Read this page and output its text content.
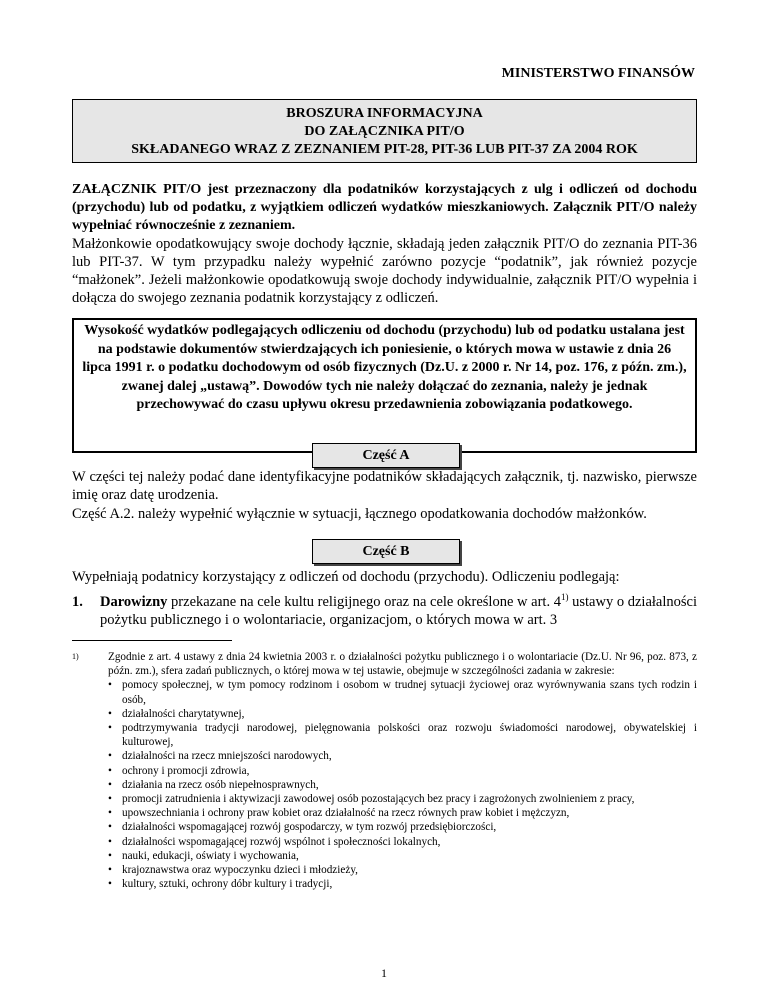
MINISTERSTWO FINANSÓW
BROSZURA INFORMACYJNA
DO ZAŁĄCZNIKA PIT/O
SKŁADANEGO WRAZ Z ZEZNANIEM PIT-28, PIT-36 LUB PIT-37 ZA 2004 ROK
ZAŁĄCZNIK PIT/O jest przeznaczony dla podatników korzystających z ulg i odliczeń od dochodu (przychodu) lub od podatku, z wyjątkiem odliczeń wydatków mieszkaniowych. Załącznik PIT/O należy wypełniać równocześnie z zeznaniem.
Małżonkowie opodatkowujący swoje dochody łącznie, składają jeden załącznik PIT/O do zeznania PIT-36 lub PIT-37. W tym przypadku należy wypełnić zarówno pozycje “podatnik”, jak również pozycje “małżonek”. Jeżeli małżonkowie opodatkowują swoje dochody indywidualnie, załącznik PIT/O wypełnia i dołącza do swojego zeznania podatnik korzystający z odliczeń.
Wysokość wydatków podlegających odliczeniu od dochodu (przychodu) lub od podatku ustalana jest na podstawie dokumentów stwierdzających ich poniesienie, o których mowa w ustawie z dnia 26 lipca 1991 r. o podatku dochodowym od osób fizycznych (Dz.U. z 2000 r. Nr 14, poz. 176, z późn. zm.), zwanej dalej „ustawą”. Dowodów tych nie należy dołączać do zeznania, należy je jednak przechowywać do czasu upływu okresu przedawnienia zobowiązania podatkowego.
Część A
W części tej należy podać dane identyfikacyjne podatników składających załącznik, tj. nazwisko, pierwsze imię oraz datę urodzenia.
Część A.2. należy wypełnić wyłącznie w sytuacji, łącznego opodatkowania dochodów małżonków.
Część B
Wypełniają podatnicy korzystający z odliczeń od dochodu (przychodu). Odliczeniu podlegają:
1. Darowizny przekazane na cele kultu religijnego oraz na cele określone w art. 4$^{1)}$ ustawy o działalności pożytku publicznego i o wolontariacie, organizacjom, o których mowa w art. 3
1)	Zgodnie z art. 4 ustawy z dnia 24 kwietnia 2003 r. o działalności pożytku publicznego i o wolontariacie (Dz.U. Nr 96, poz. 873, z późn. zm.), sfera zadań publicznych, o której mowa w tej ustawie, obejmuje w szczególności zadania w zakresie:
• pomocy społecznej, w tym pomocy rodzinom i osobom w trudnej sytuacji życiowej oraz wyrównywania szans tych rodzin i osób,
• działalności charytatywnej,
• podtrzymywania tradycji narodowej, pielęgnowania polskości oraz rozwoju świadomości narodowej, obywatelskiej i kulturowej,
• działalności na rzecz mniejszości narodowych,
• ochrony i promocji zdrowia,
• działania na rzecz osób niepełnosprawnych,
• promocji zatrudnienia i aktywizacji zawodowej osób pozostających bez pracy i zagrożonych zwolnieniem z pracy,
• upowszechniania i ochrony praw kobiet oraz działalność na rzecz równych praw kobiet i mężczyzn,
• działalności wspomagającej rozwój gospodarczy, w tym rozwój przedsiębiorczości,
• działalności wspomagającej rozwój wspólnot i społeczności lokalnych,
• nauki, edukacji, oświaty i wychowania,
• krajoznawstwa oraz wypoczynku dzieci i młodzieży,
• kultury, sztuki, ochrony dóbr kultury i tradycji,
1
